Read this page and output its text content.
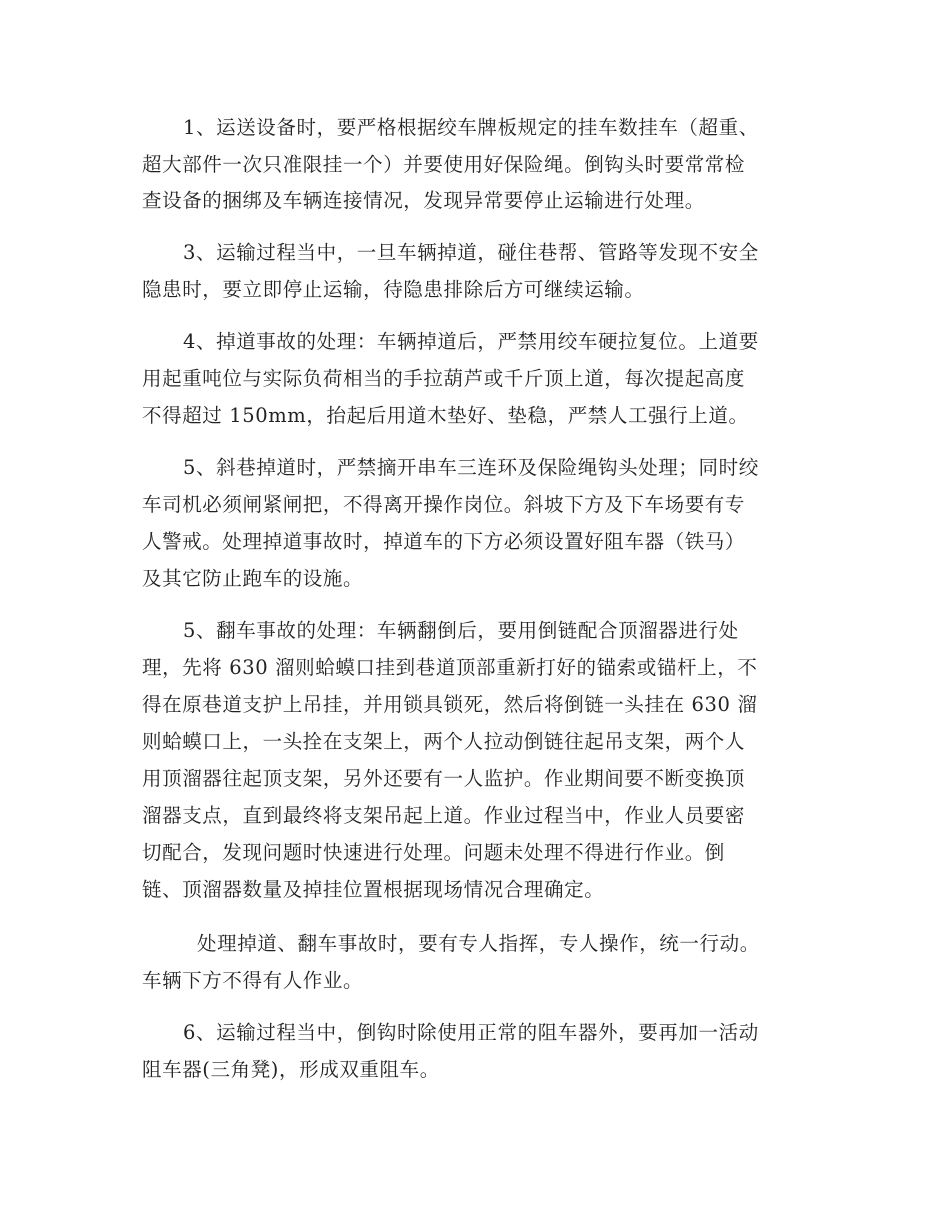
1、运送设备时，要严格根据绞车牌板规定的挂车数挂车（超重、
超大部件一次只准限挂一个）并要使用好保险绳。倒钩头时要常常检
查设备的捆绑及车辆连接情况，发现异常要停止运输进行处理。
3、运输过程当中，一旦车辆掉道，碰住巷帮、管路等发现不安全
隐患时，要立即停止运输，待隐患排除后方可继续运输。
4、掉道事故的处理：车辆掉道后，严禁用绞车硬拉复位。上道要
用起重吨位与实际负荷相当的手拉葫芦或千斤顶上道，每次提起高度
不得超过 150mm，抬起后用道木垫好、垫稳，严禁人工强行上道。
5、斜巷掉道时，严禁摘开串车三连环及保险绳钩头处理；同时绞
车司机必须闸紧闸把，不得离开操作岗位。斜坡下方及下车场要有专
人警戒。处理掉道事故时，掉道车的下方必须设置好阻车器（铁马）
及其它防止跑车的设施。
5、翻车事故的处理：车辆翻倒后，要用倒链配合顶溜器进行处
理，先将 630 溜则蛤蟆口挂到巷道顶部重新打好的锚索或锚杆上，不
得在原巷道支护上吊挂，并用锁具锁死，然后将倒链一头挂在 630 溜
则蛤蟆口上，一头拴在支架上，两个人拉动倒链往起吊支架，两个人
用顶溜器往起顶支架，另外还要有一人监护。作业期间要不断变换顶
溜器支点，直到最终将支架吊起上道。作业过程当中，作业人员要密
切配合，发现问题时快速进行处理。问题未处理不得进行作业。倒
链、顶溜器数量及掉挂位置根据现场情况合理确定。
处理掉道、翻车事故时，要有专人指挥，专人操作，统一行动。
车辆下方不得有人作业。
6、运输过程当中，倒钩时除使用正常的阻车器外，要再加一活动
阻车器(三角凳)，形成双重阻车。
